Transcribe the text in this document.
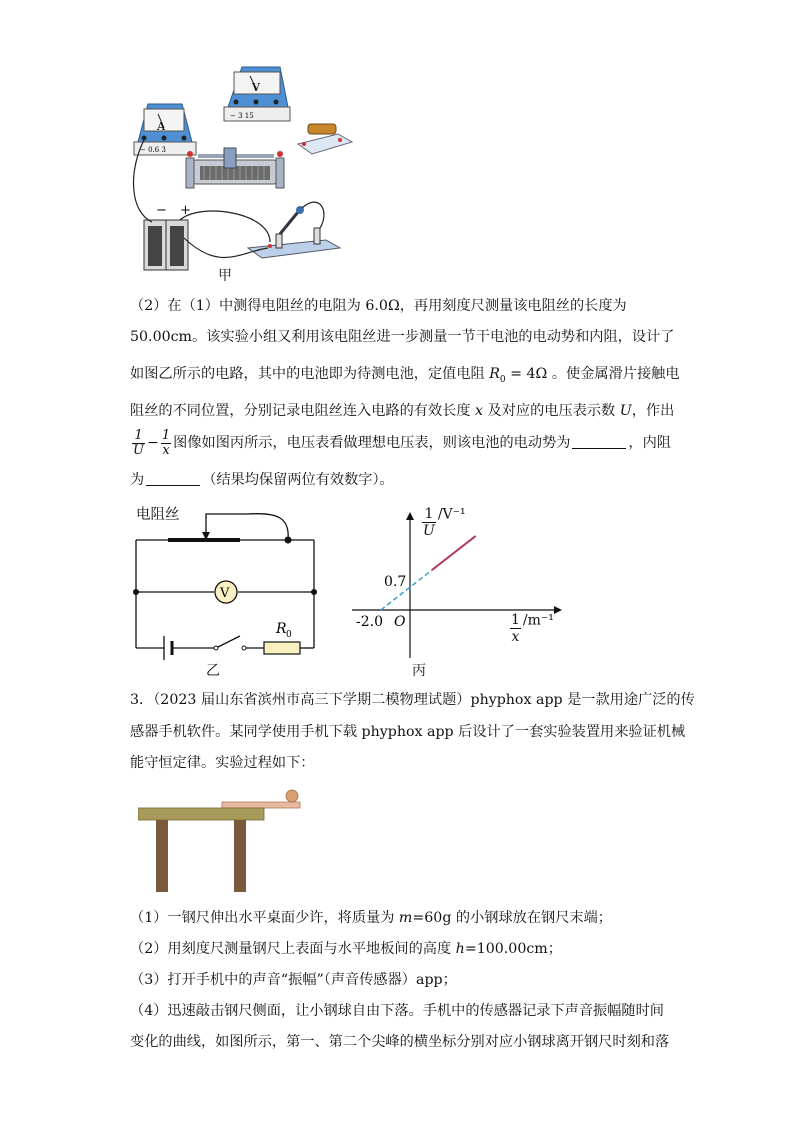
V
− 3 15
A
− 0.6 3
− +
甲
（2）在（1）中测得电阻丝的电阻为 6.0Ω，再用刻度尺测量该电阻丝的长度为
50.00cm。该实验小组又利用该电阻丝进一步测量一节干电池的电动势和内阻，设计了
如图乙所示的电路，其中的电池即为待测电池，定值电阻 $R_0 = 4\Omega$ 。使金属滑片接触电
阻丝的不同位置，分别记录电阻丝连入电路的有效长度 x 及对应的电压表示数 U，作出
$\frac{1}{U} - \frac{1}{x}$ 图像如图丙所示，电压表看做理想电压表，则该电池的电动势为	，内阻
为	（结果均保留两位有效数字）。
V
R 0
电阻丝
乙
0.7
-2.0 O
$\frac{1}{U} /V^{-1}$
$\frac{1}{x} /m^{-1}$
丙
3．（2023 届山东省滨州市高三下学期二模物理试题）phyphox app 是一款用途广泛的传
感器手机软件。某同学使用手机下载 phyphox app 后设计了一套实验装置用来验证机械
能守恒定律。实验过程如下：
（1）一钢尺伸出水平桌面少许，将质量为 m=60g 的小钢球放在钢尺末端；
（2）用刻度尺测量钢尺上表面与水平地板间的高度 h=100.00cm；
（3）打开手机中的声音“振幅”（声音传感器）app；
（4）迅速敲击钢尺侧面，让小钢球自由下落。手机中的传感器记录下声音振幅随时间
变化的曲线，如图所示，第一、第二个尖峰的横坐标分别对应小钢球离开钢尺时刻和落
